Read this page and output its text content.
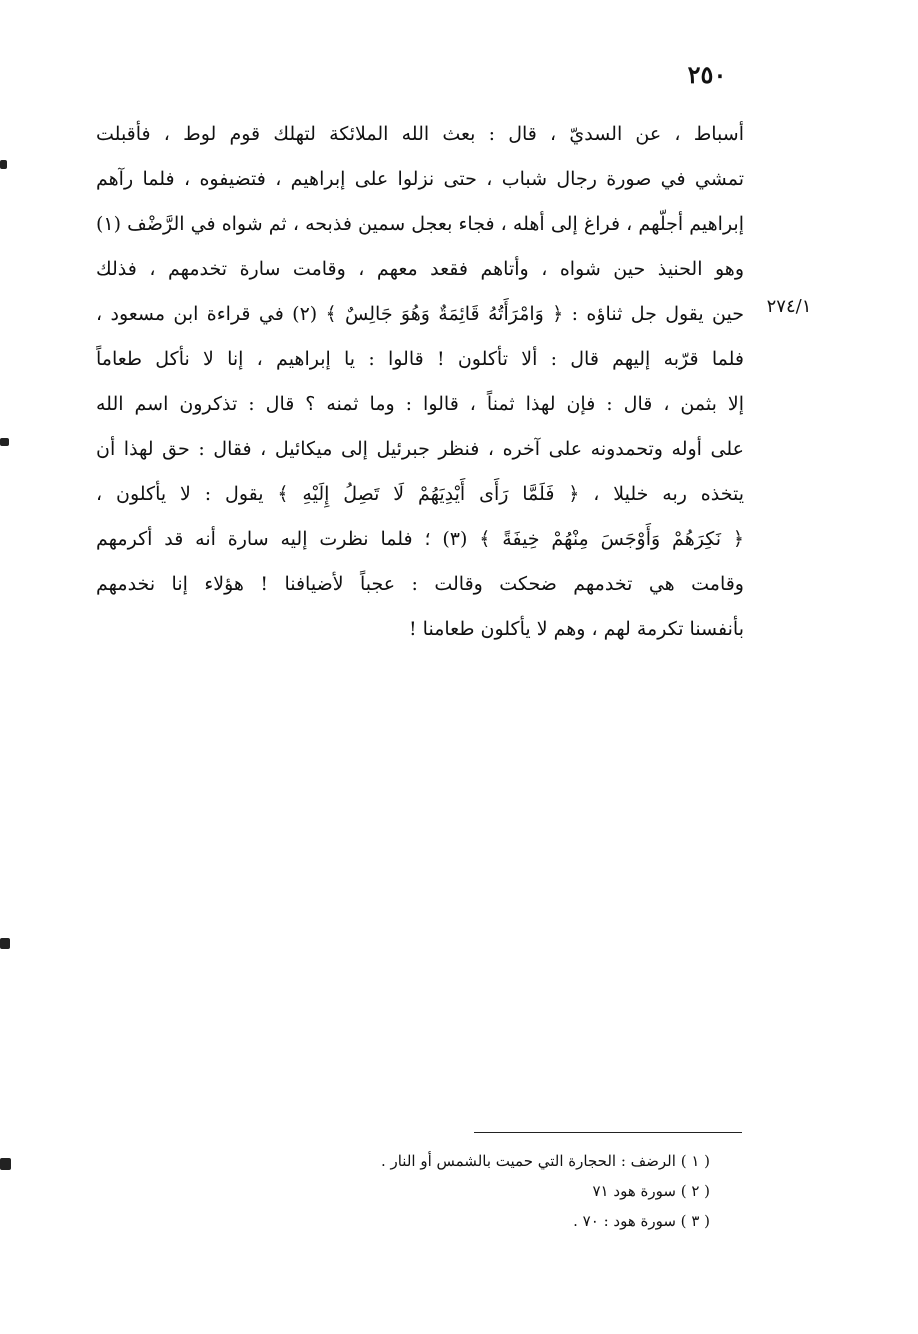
٢٥٠
٢٧٤/١
أسباط ، عن السديّ ، قال : بعث الله الملائكة لتهلك قوم لوط ، فأقبلت
تمشي في صورة رجال شباب ، حتى نزلوا على إبراهيم ، فتضيفوه ، فلما رآهم
إبراهيم أجلّهم ، فراغ إلى أهله ، فجاء بعجل سمين فذبحه ، ثم شواه في الرَّضْف (١)
وهو الحنيذ حين شواه ، وأتاهم فقعد معهم ، وقامت سارة تخدمهم ، فذلك
حين يقول جل ثناؤه : ﴿ وَامْرَأَتُهُ قَائِمَةٌ وَهُوَ جَالِسٌ ﴾ (٢) في قراءة ابن مسعود ،
فلما قرّبه إليهم قال : ألا تأكلون ! قالوا : يا إبراهيم ، إنا لا نأكل طعاماً
إلا بثمن ، قال : فإن لهذا ثمناً ، قالوا : وما ثمنه ؟ قال : تذكرون اسم الله
على أوله وتحمدونه على آخره ، فنظر جبرئيل إلى ميكائيل ، فقال : حق لهذا أن
يتخذه ربه خليلا ، ﴿ فَلَمَّا رَأَى أَيْدِيَهُمْ لَا تَصِلُ إِلَيْهِ ﴾ يقول : لا يأكلون ،
﴿ نَكِرَهُمْ وَأَوْجَسَ مِنْهُمْ خِيفَةً ﴾ (٣) ؛ فلما نظرت إليه سارة أنه قد أكرمهم
وقامت هي تخدمهم ضحكت وقالت : عجباً لأضيافنا ! هؤلاء إنا نخدمهم
بأنفسنا تكرمة لهم ، وهم لا يأكلون طعامنا !
( ١ ) الرضف : الحجارة التي حميت بالشمس أو النار .
( ٢ ) سورة هود ٧١
( ٣ ) سورة هود : ٧٠ .
